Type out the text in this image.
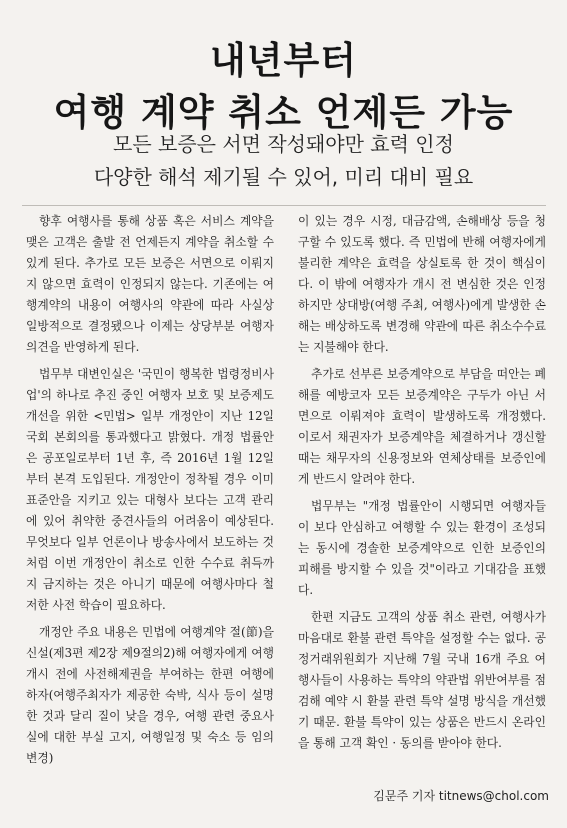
내년부터
여행 계약 취소 언제든 가능
모든 보증은 서면 작성돼야만 효력 인정
다양한 해석 제기될 수 있어, 미리 대비 필요

향후 여행사를 통해 상품 혹은 서비스 계약을 맺은 고객은 출발 전 언제든지 계약을 취소할 수 있게 된다. 추가로 모든 보증은 서면으로 이뤄지지 않으면 효력이 인정되지 않는다. 기존에는 여행계약의 내용이 여행사의 약관에 따라 사실상 일방적으로 결정됐으나 이제는 상당부분 여행자 의견을 반영하게 된다.

법무부 대변인실은 '국민이 행복한 법령정비사업'의 하나로 추진 중인 여행자 보호 및 보증제도 개선을 위한 <민법> 일부 개정안이 지난 12일 국회 본회의를 통과했다고 밝혔다. 개정 법률안은 공포일로부터 1년 후, 즉 2016년 1월 12일부터 본격 도입된다. 개정안이 정착될 경우 이미 표준안을 지키고 있는 대형사 보다는 고객 관리에 있어 취약한 중견사들의 어려움이 예상된다. 무엇보다 일부 언론이나 방송사에서 보도하는 것처럼 이번 개정안이 취소로 인한 수수료 취득까지 금지하는 것은 아니기 때문에 여행사마다 철저한 사전 학습이 필요하다.

개정안 주요 내용은 민법에 여행계약 절(節)을 신설(제3편 제2장 제9절의2)해 여행자에게 여행 개시 전에 사전해제권을 부여하는 한편 여행에 하자(여행주최자가 제공한 숙박, 식사 등이 설명한 것과 달리 질이 낮을 경우, 여행 관련 중요사실에 대한 부실 고지, 여행일정 및 숙소 등 임의 변경)

이 있는 경우 시정, 대금감액, 손해배상 등을 청구할 수 있도록 했다. 즉 민법에 반해 여행자에게 불리한 계약은 효력을 상실토록 한 것이 핵심이다. 이 밖에 여행자가 개시 전 변심한 것은 인정하지만 상대방(여행 주최, 여행사)에게 발생한 손해는 배상하도록 변경해 약관에 따른 취소수수료는 지불해야 한다.

추가로 선부른 보증계약으로 부담을 떠안는 폐해를 예방코자 모든 보증계약은 구두가 아닌 서면으로 이뤄져야 효력이 발생하도록 개정했다. 이로서 채권자가 보증계약을 체결하거나 갱신할 때는 채무자의 신용정보와 연체상태를 보증인에게 반드시 알려야 한다.

법무부는 "개정 법률안이 시행되면 여행자들이 보다 안심하고 여행할 수 있는 환경이 조성되는 동시에 경솔한 보증계약으로 인한 보증인의 피해를 방지할 수 있을 것"이라고 기대감을 표했다.

한편 지금도 고객의 상품 취소 관련, 여행사가 마음대로 환불 관련 특약을 설정할 수는 없다. 공정거래위원회가 지난해 7월 국내 16개 주요 여행사들이 사용하는 특약의 약관법 위반여부를 점검해 예약 시 환불 관련 특약 설명 방식을 개선했기 때문. 환불 특약이 있는 상품은 반드시 온라인을 통해 고객 확인 · 동의를 받아야 한다.

김문주 기자 titnews@chol.com
